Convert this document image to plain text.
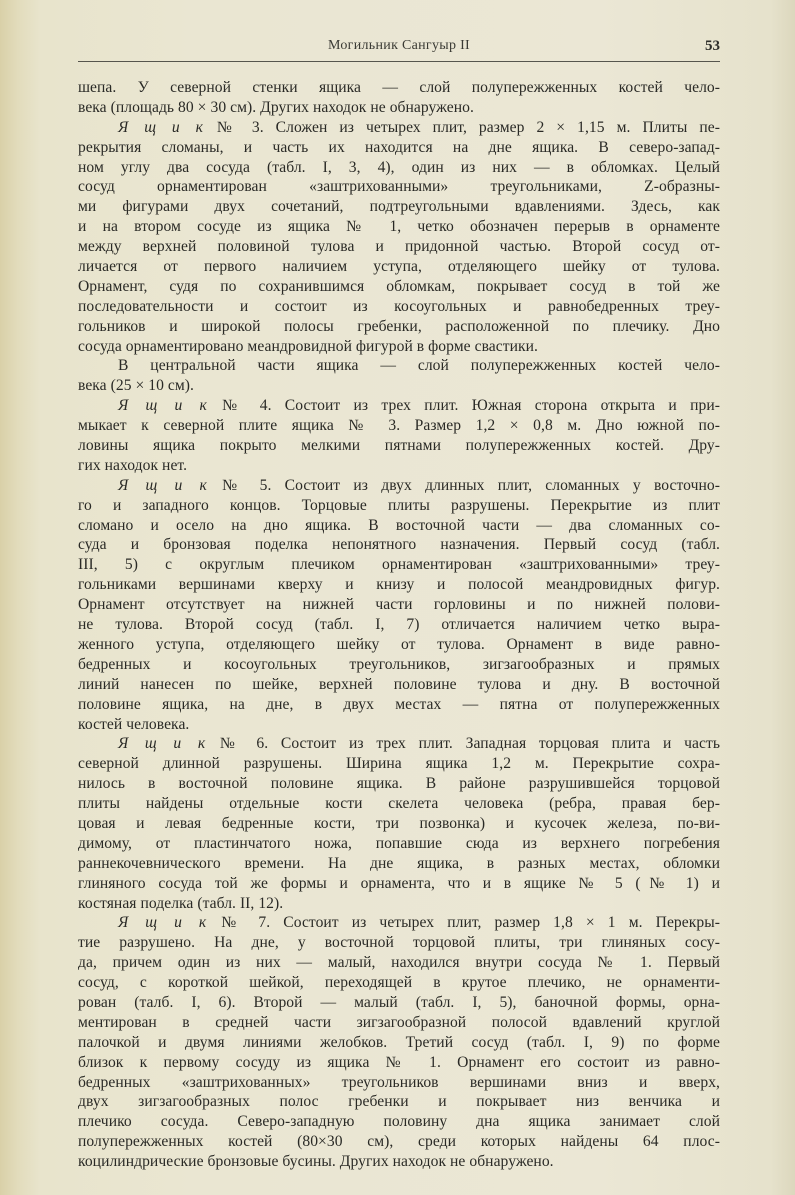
Могильник Сангуыр II	53
шепа. У северной стенки ящика — слой полупережженных костей чело-
века (площадь 80 × 30 см). Других находок не обнаружено.
Я щ и к № 3. Сложен из четырех плит, размер 2 × 1,15 м. Плиты пе-
рекрытия сломаны, и часть их находится на дне ящика. В северо-запад-
ном углу два сосуда (табл. I, 3, 4), один из них — в обломках. Целый
сосуд орнаментирован «заштрихованными» треугольниками, Z-образны-
ми фигурами двух сочетаний, подтреугольными вдавлениями. Здесь, как
и на втором сосуде из ящика № 1, четко обозначен перерыв в орнаменте
между верхней половиной тулова и придонной частью. Второй сосуд от-
личается от первого наличием уступа, отделяющего шейку от тулова.
Орнамент, судя по сохранившимся обломкам, покрывает сосуд в той же
последовательности и состоит из косоугольных и равнобедренных треу-
гольников и широкой полосы гребенки, расположенной по плечику. Дно
сосуда орнаментировано меандровидной фигурой в форме свастики.
В центральной части ящика — слой полупережженных костей чело-
века (25 × 10 см).
Я щ и к № 4. Состоит из трех плит. Южная сторона открыта и при-
мыкает к северной плите ящика № 3. Размер 1,2 × 0,8 м. Дно южной по-
ловины ящика покрыто мелкими пятнами полупережженных костей. Дру-
гих находок нет.
Я щ и к № 5. Состоит из двух длинных плит, сломанных у восточно-
го и западного концов. Торцовые плиты разрушены. Перекрытие из плит
сломано и осело на дно ящика. В восточной части — два сломанных со-
суда и бронзовая поделка непонятного назначения. Первый сосуд (табл.
III, 5) с округлым плечиком орнаментирован «заштрихованными» треу-
гольниками вершинами кверху и книзу и полосой меандровидных фигур.
Орнамент отсутствует на нижней части горловины и по нижней полови-
не тулова. Второй сосуд (табл. I, 7) отличается наличием четко выра-
женного уступа, отделяющего шейку от тулова. Орнамент в виде равно-
бедренных и косоугольных треугольников, зигзагообразных и прямых
линий нанесен по шейке, верхней половине тулова и дну. В восточной
половине ящика, на дне, в двух местах — пятна от полупережженных
костей человека.
Я щ и к № 6. Состоит из трех плит. Западная торцовая плита и часть
северной длинной разрушены. Ширина ящика 1,2 м. Перекрытие сохра-
нилось в восточной половине ящика. В районе разрушившейся торцовой
плиты найдены отдельные кости скелета человека (ребра, правая бер-
цовая и левая бедренные кости, три позвонка) и кусочек железа, по-ви-
димому, от пластинчатого ножа, попавшие сюда из верхнего погребения
раннекочевнического времени. На дне ящика, в разных местах, обломки
глиняного сосуда той же формы и орнамента, что и в ящике № 5 (№ 1) и
костяная поделка (табл. II, 12).
Я щ и к № 7. Состоит из четырех плит, размер 1,8 × 1 м. Перекры-
тие разрушено. На дне, у восточной торцовой плиты, три глиняных сосу-
да, причем один из них — малый, находился внутри сосуда № 1. Первый
сосуд, с короткой шейкой, переходящей в крутое плечико, не орнаменти-
рован (талб. I, 6). Второй — малый (табл. I, 5), баночной формы, орна-
ментирован в средней части зигзагообразной полосой вдавлений круглой
палочкой и двумя линиями желобков. Третий сосуд (табл. I, 9) по форме
близок к первому сосуду из ящика № 1. Орнамент его состоит из равно-
бедренных «заштрихованных» треугольников вершинами вниз и вверх,
двух зигзагообразных полос гребенки и покрывает низ венчика и
плечико сосуда. Северо-западную половину дна ящика занимает слой
полупережженных костей (80×30 см), среди которых найдены 64 плос-
коцилиндрические бронзовые бусины. Других находок не обнаружено.
